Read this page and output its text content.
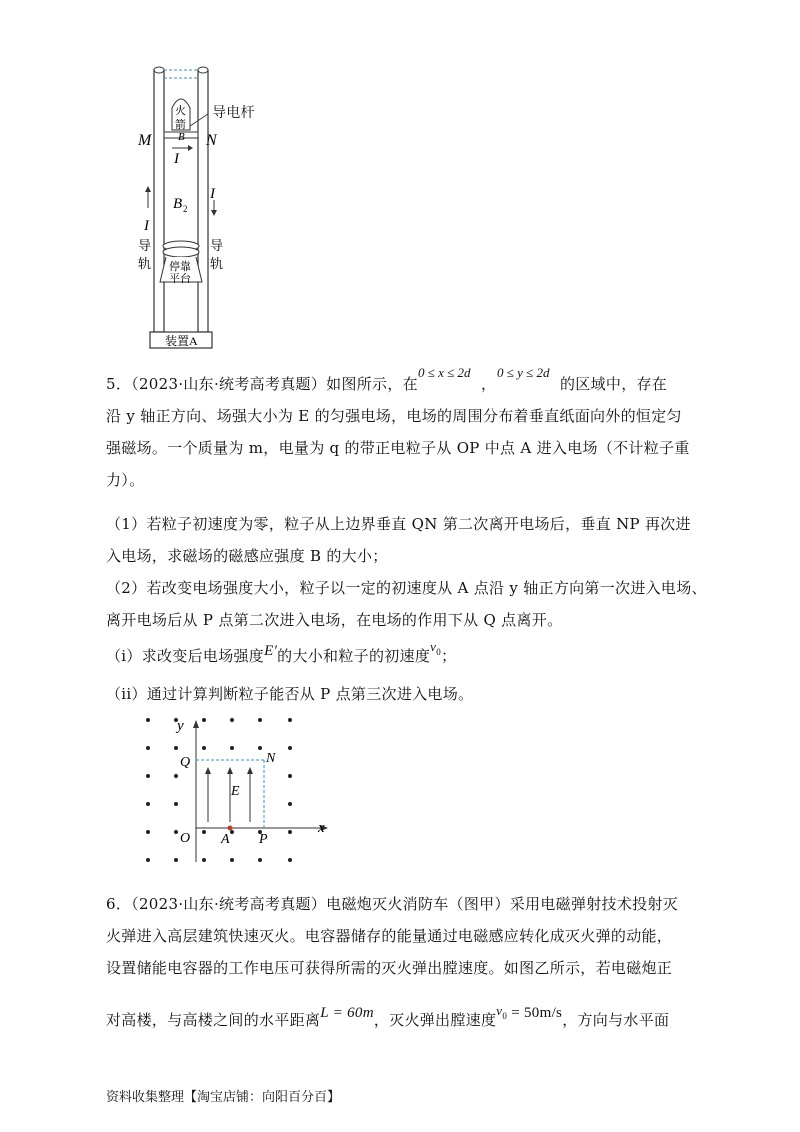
火
箭
B
M	N
I
I
导
轨
I
导
轨
B 2
停靠
平台
装置A
导电杆
5．（2023·山东·统考高考真题）如图所示，在
0 ≤ x ≤ 2d
，
0 ≤ y ≤ 2d
的区域中，存在
沿 y 轴正方向、场强大小为 E 的匀强电场，电场的周围分布着垂直纸面向外的恒定匀
强磁场。一个质量为 m，电量为 q 的带正电粒子从 OP 中点 A 进入电场（不计粒子重
力）。
（1）若粒子初速度为零，粒子从上边界垂直 QN 第二次离开电场后，垂直 NP 再次进
入电场，求磁场的磁感应强度 B 的大小；
（2）若改变电场强度大小，粒子以一定的初速度从 A 点沿 y 轴正方向第一次进入电场、
离开电场后从 P 点第二次进入电场，在电场的作用下从 Q 点离开。
（i）求改变后电场强度E′的大小和粒子的初速度$v^0$；
（ii）通过计算判断粒子能否从 P 点第三次进入电场。
y
x
Q	N
E
O A P
6．（2023·山东·统考高考真题）电磁炮灭火消防车（图甲）采用电磁弹射技术投射灭
火弹进入高层建筑快速灭火。电容器储存的能量通过电磁感应转化成灭火弹的动能，
设置储能电容器的工作电压可获得所需的灭火弹出膛速度。如图乙所示，若电磁炮正
对高楼，与高楼之间的水平距离L = 60m，灭火弹出膛速度$v^0 = 50m/s$，方向与水平面
资料收集整理【淘宝店铺：向阳百分百】
